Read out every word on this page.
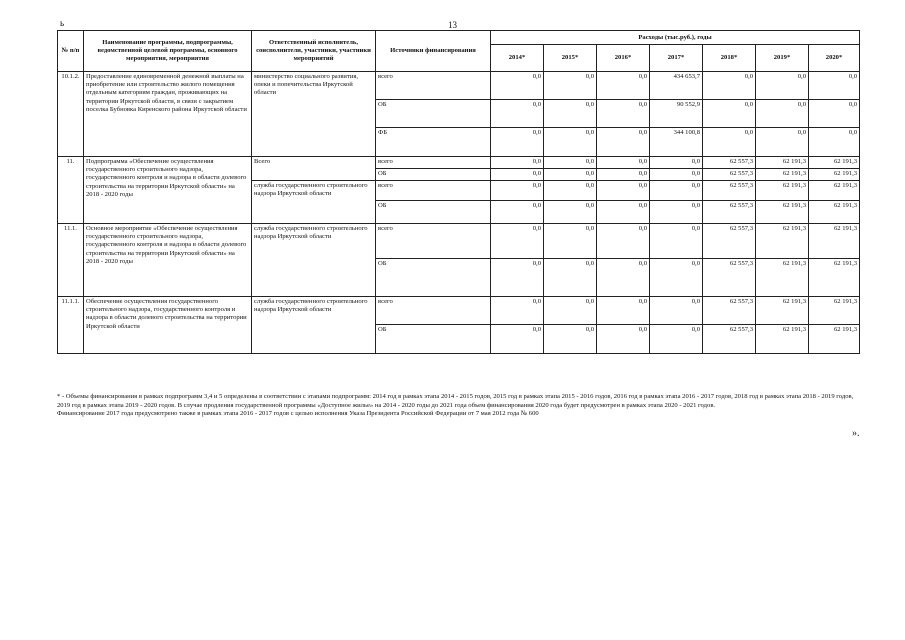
ь	13
№ п/п	Наименование программы, подпрограммы, ведомственной целевой программы, основного мероприятия, мероприятия	Ответственный исполнитель, соисполнители, участники, участники мероприятий	Источники финансирования	Расходы (тыс.руб.), годы						
				2014*	2015*	2016*	2017*	2018*	2019*	2020*
10.1.2.	Предоставление единовременной денежной выплаты на приобретение или строительство жилого помещения отдельным категориям граждан, проживающих на территории Иркутской области, в связи с закрытием поселка Бубновка Киренского района Иркутской области	министерство социального развития, опеки и попечительства Иркутской области	всего	0,0	0,0	0,0	434 653,7	0,0	0,0	0,0
			ОБ	0,0	0,0	0,0	90 552,9	0,0	0,0	0,0
			ФБ	0,0	0,0	0,0	344 100,8	0,0	0,0	0,0
11.	Подпрограмма «Обеспечение осуществления государственного строительного надзора, государственного контроля и надзора в области долевого строительства на территории Иркутской области» на 2018 - 2020 годы	Всего	всего	0,0	0,0	0,0	0,0	62 557,3	62 191,3	62 191,3
			ОБ	0,0	0,0	0,0	0,0	62 557,3	62 191,3	62 191,3
		служба государственного строительного надзора Иркутской области	всего	0,0	0,0	0,0	0,0	62 557,3	62 191,3	62 191,3
			ОБ	0,0	0,0	0,0	0,0	62 557,3	62 191,3	62 191,3
11.1.	Основное мероприятие «Обеспечение осуществления государственного строительного надзора, государственного контроля и надзора в области долевого строительства на территории Иркутской области» на 2018 - 2020 годы	служба государственного строительного надзора Иркутской области	всего	0,0	0,0	0,0	0,0	62 557,3	62 191,3	62 191,3
			ОБ	0,0	0,0	0,0	0,0	62 557,3	62 191,3	62 191,3
11.1.1.	Обеспечение осуществления государственного строительного надзора, государственного контроля и надзора в области долевого строительства на территории Иркутской области	служба государственного строительного надзора Иркутской области	всего	0,0	0,0	0,0	0,0	62 557,3	62 191,3	62 191,3
			ОБ	0,0	0,0	0,0	0,0	62 557,3	62 191,3	62 191,3

* - Объемы финансирования в рамках подпрограмм 3,4 и 5 определены в соответствии с этапами подпрограмм: 2014 год в рамках этапа 2014 - 2015 годов, 2015 год в рамках этапа 2015 - 2016 годов, 2016 год в рамках этапа 2016 - 2017 годов, 2018 год в рамках этапа 2018 - 2019 годов, 2019 год в рамках этапа 2019 - 2020 годов. В случае продления государственной программы «Доступное жилье» на 2014 - 2020 годы до 2021 года объем финансирования 2020 года будет предусмотрен в рамках этапа 2020 - 2021 годов.

Финансирование 2017 года предусмотрено также в рамках этапа 2016 - 2017 годов с целью исполнения Указа Президента Российской Федерации от 7 мая 2012 года № 600

».
